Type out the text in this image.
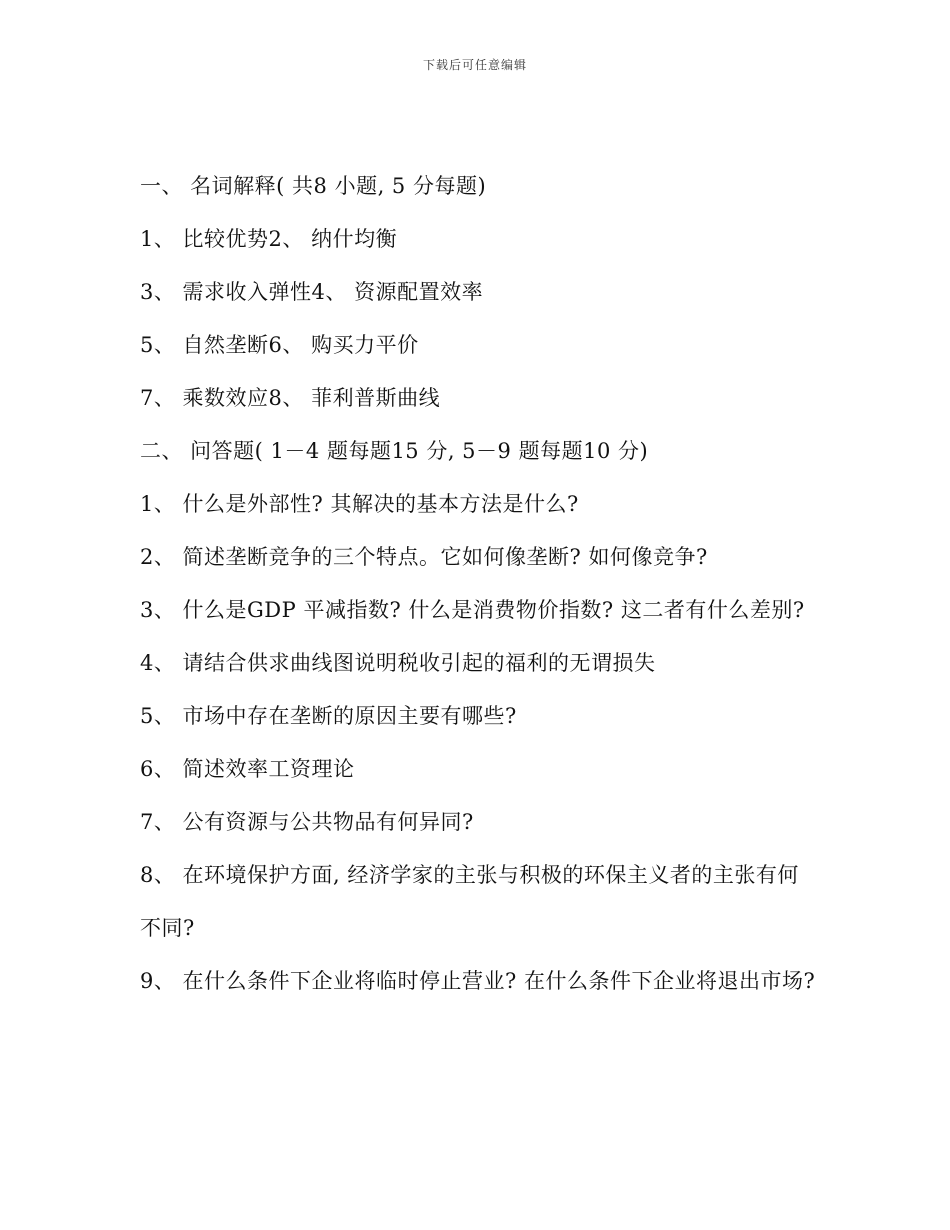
下载后可任意编辑
一、 名词解释( 共8 小题, 5 分每题)
1、 比较优势2、 纳什均衡
3、 需求收入弹性4、 资源配置效率
5、 自然垄断6、 购买力平价
7、 乘数效应8、 菲利普斯曲线
二、 问答题( 1－4 题每题15 分, 5－9 题每题10 分)
1、 什么是外部性? 其解决的基本方法是什么?
2、 简述垄断竞争的三个特点。它如何像垄断? 如何像竞争?
3、 什么是GDP 平减指数? 什么是消费物价指数? 这二者有什么差别?
4、 请结合供求曲线图说明税收引起的福利的无谓损失
5、 市场中存在垄断的原因主要有哪些?
6、 简述效率工资理论
7、 公有资源与公共物品有何异同?
8、 在环境保护方面, 经济学家的主张与积极的环保主义者的主张有何不同?
9、 在什么条件下企业将临时停止营业? 在什么条件下企业将退出市场?
